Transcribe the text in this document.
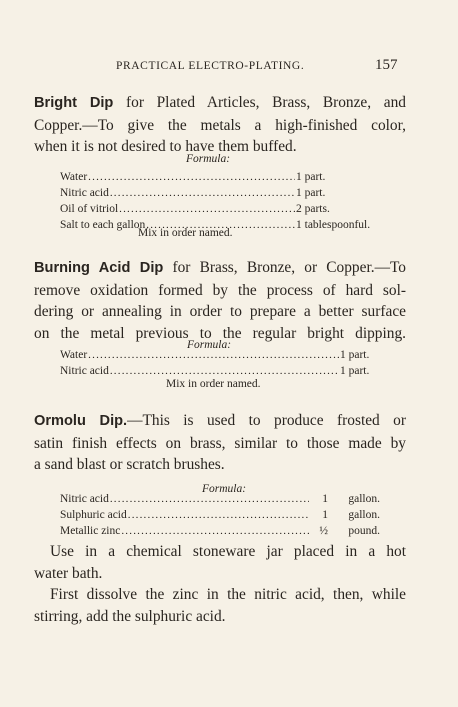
PRACTICAL ELECTRO-PLATING.	157
Bright Dip for Plated Articles, Brass, Bronze, and
Copper.—To give the metals a high-finished color,
when it is not desired to have them buffed.
Formula:
Water .....	1 part.
Nitric acid .....	1 part.
Oil of vitriol .....	2 parts.
Salt to each gallon .....	1 tablespoonful.
Mix in order named.
Burning Acid Dip for Brass, Bronze, or Copper.—To
remove oxidation formed by the process of hard sol-
dering or annealing in order to prepare a better surface
on the metal previous to the regular bright dipping.
Formula:
Water .....	1 part.
Nitric acid .....	1 part.
Mix in order named.
Ormolu Dip.—This is used to produce frosted or
satin finish effects on brass, similar to those made by
a sand blast or scratch brushes.
Formula:
Nitric acid .....	1	gallon.
Sulphuric acid .....	1	gallon.
Metallic zinc .....	½	pound.
Use in a chemical stoneware jar placed in a hot
water bath.
First dissolve the zinc in the nitric acid, then, while
stirring, add the sulphuric acid.
